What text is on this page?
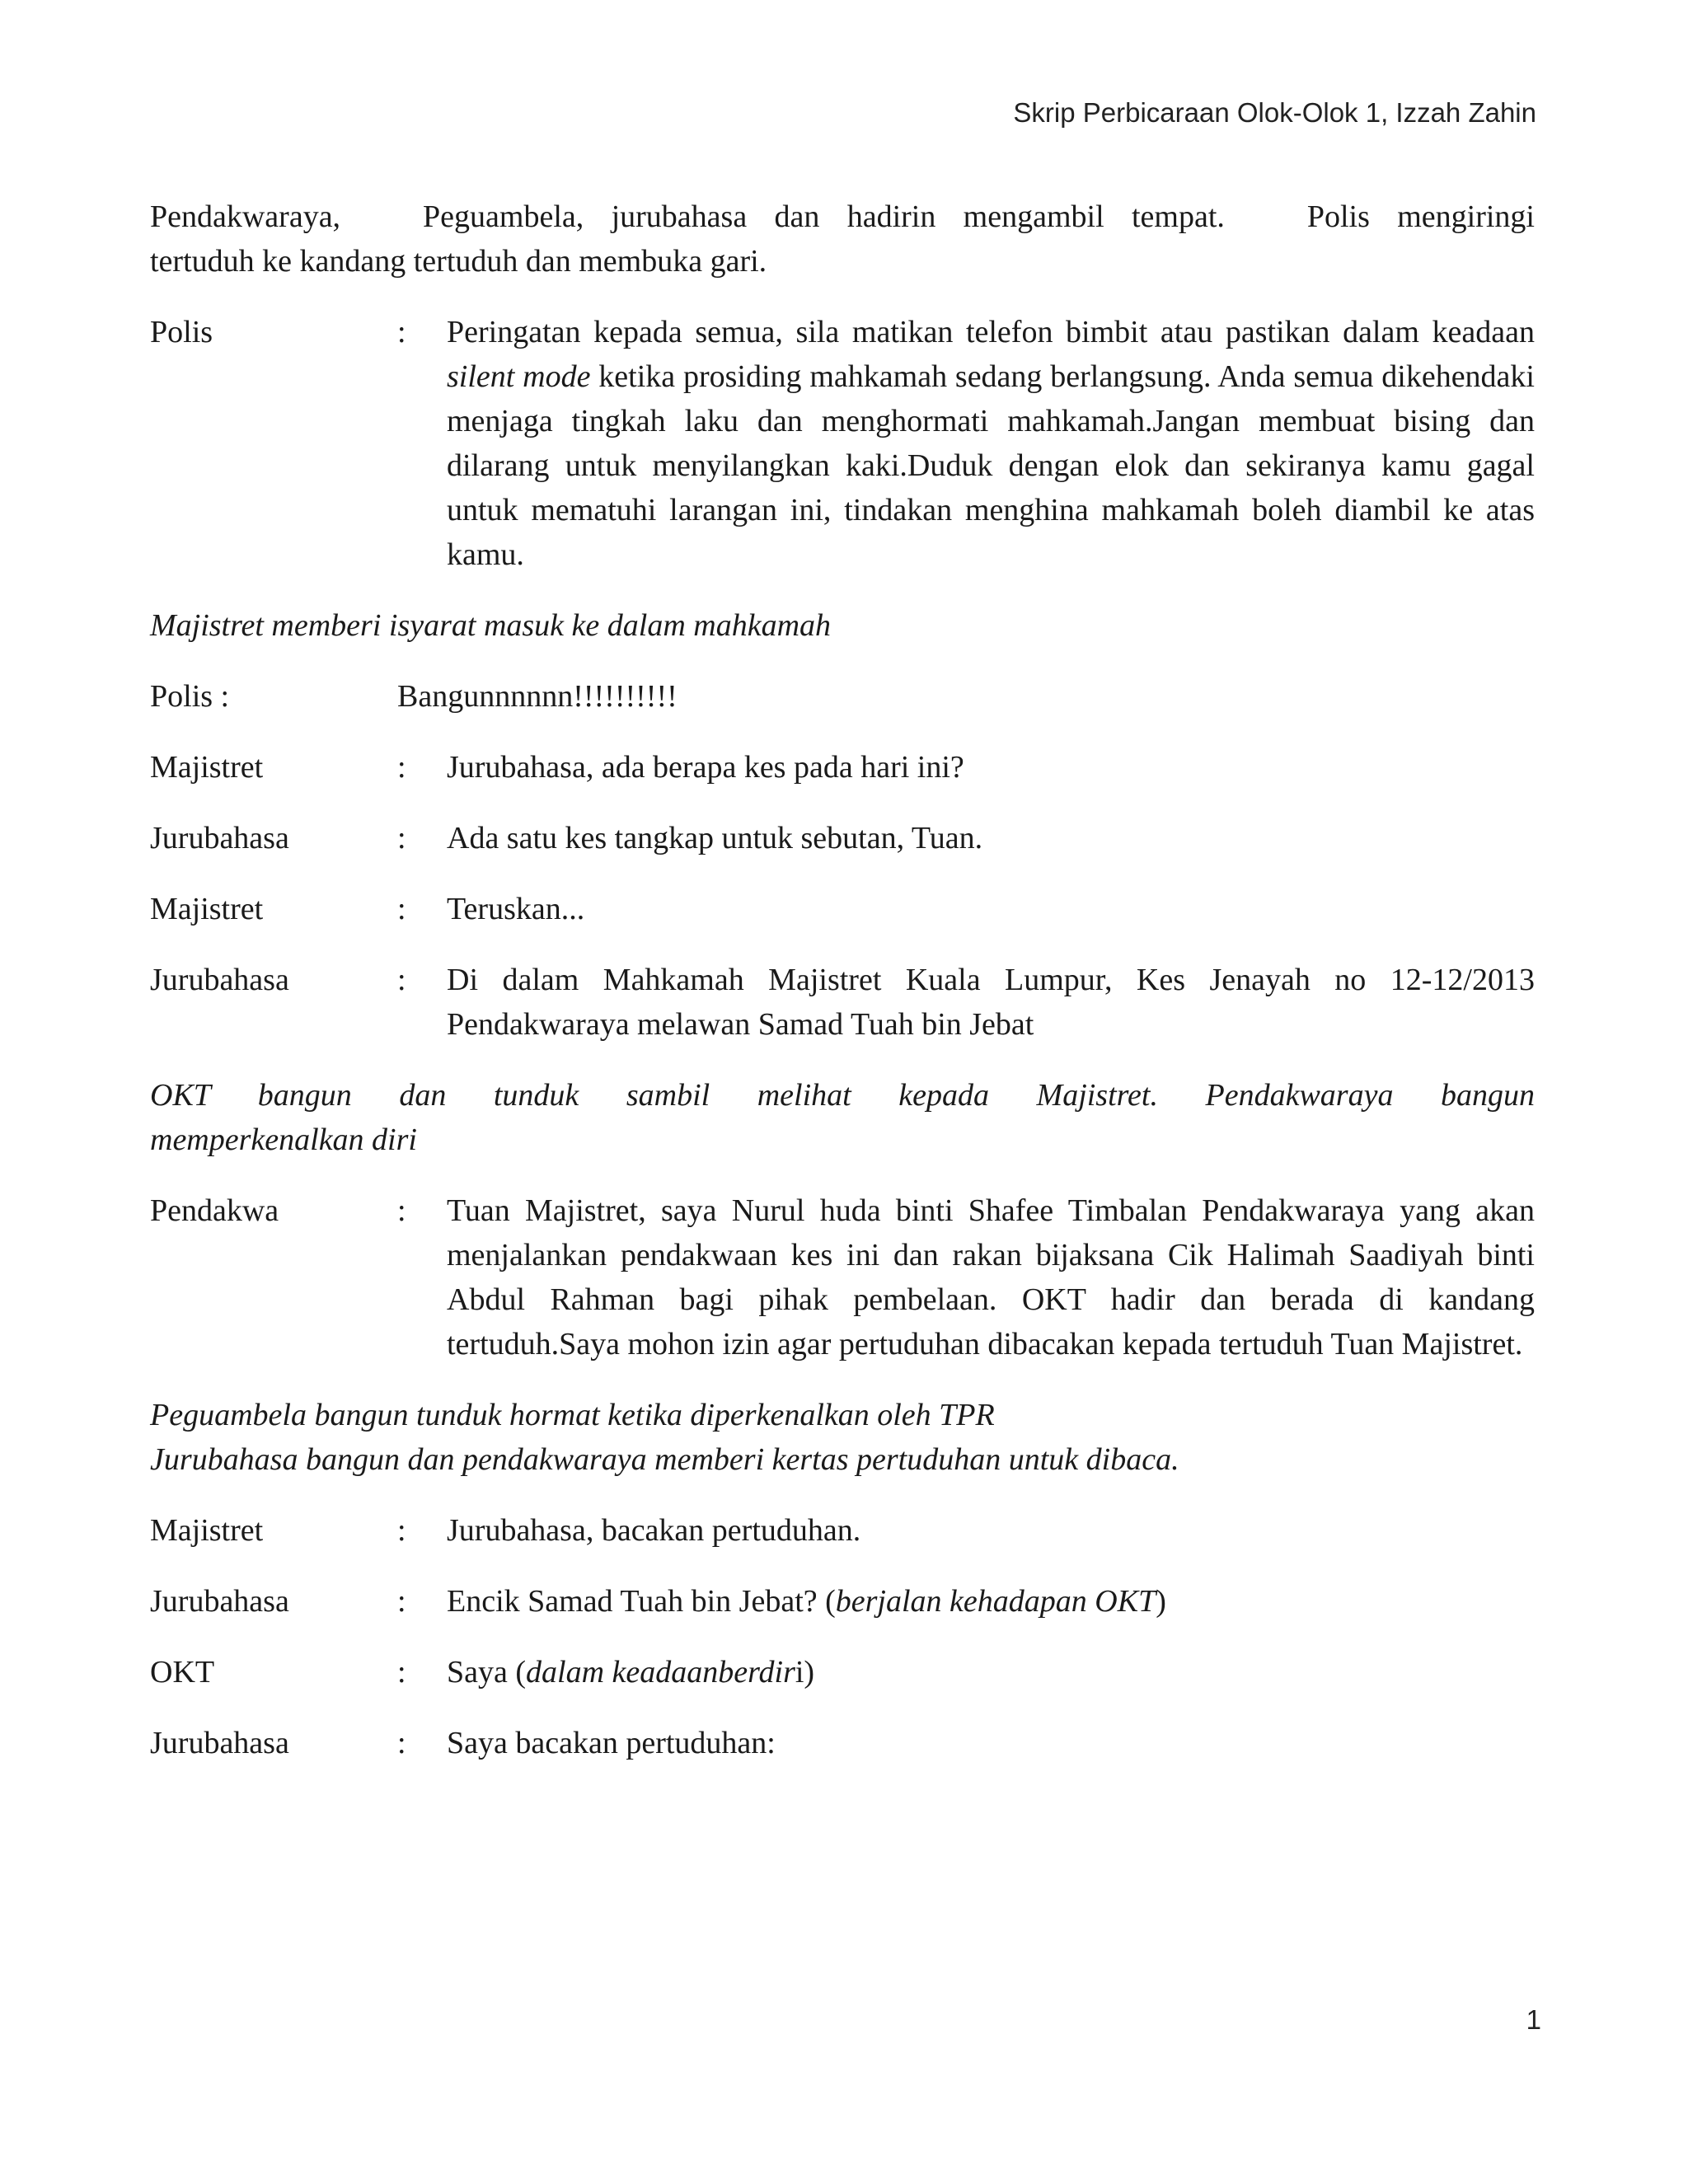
Skrip Perbicaraan Olok-Olok 1, Izzah Zahin
Pendakwaraya,   Peguambela, jurubahasa dan hadirin mengambil tempat.   Polis mengiringi
tertuduh ke kandang tertuduh dan membuka gari.
Polis	:	Peringatan kepada semua, sila matikan telefon bimbit atau pastikan dalam keadaan silent mode ketika prosiding mahkamah sedang berlangsung. Anda semua dikehendaki menjaga tingkah laku dan menghormati mahkamah.Jangan membuat bising dan dilarang untuk menyilangkan kaki.Duduk dengan elok dan sekiranya kamu gagal untuk mematuhi larangan ini, tindakan menghina mahkamah boleh diambil ke atas kamu.
Majistret memberi isyarat masuk ke dalam mahkamah
Polis :	Bangunnnnnn!!!!!!!!!!
Majistret	:	Jurubahasa, ada berapa kes pada hari ini?
Jurubahasa	:	Ada satu kes tangkap untuk sebutan, Tuan.
Majistret	:	Teruskan...
Jurubahasa	:	Di dalam Mahkamah Majistret Kuala Lumpur, Kes Jenayah no 12-12/2013
Pendakwaraya melawan Samad Tuah bin Jebat
OKT bangun dan tunduk sambil melihat kepada Majistret. Pendakwaraya bangun
memperkenalkan diri
Pendakwa	:	Tuan Majistret, saya Nurul huda binti Shafee Timbalan Pendakwaraya yang akan menjalankan pendakwaan kes ini dan rakan bijaksana Cik Halimah Saadiyah binti Abdul Rahman bagi pihak pembelaan. OKT hadir dan berada di kandang tertuduh.Saya mohon izin agar pertuduhan dibacakan kepada tertuduh Tuan Majistret.
Peguambela bangun tunduk hormat ketika diperkenalkan oleh TPR
Jurubahasa bangun dan pendakwaraya memberi kertas pertuduhan untuk dibaca.
Majistret	:	Jurubahasa, bacakan pertuduhan.
Jurubahasa	:	Encik Samad Tuah bin Jebat? (berjalan kehadapan OKT)
OKT	:	Saya (dalam keadaanberdiri)
Jurubahasa	:	Saya bacakan pertuduhan:
1
